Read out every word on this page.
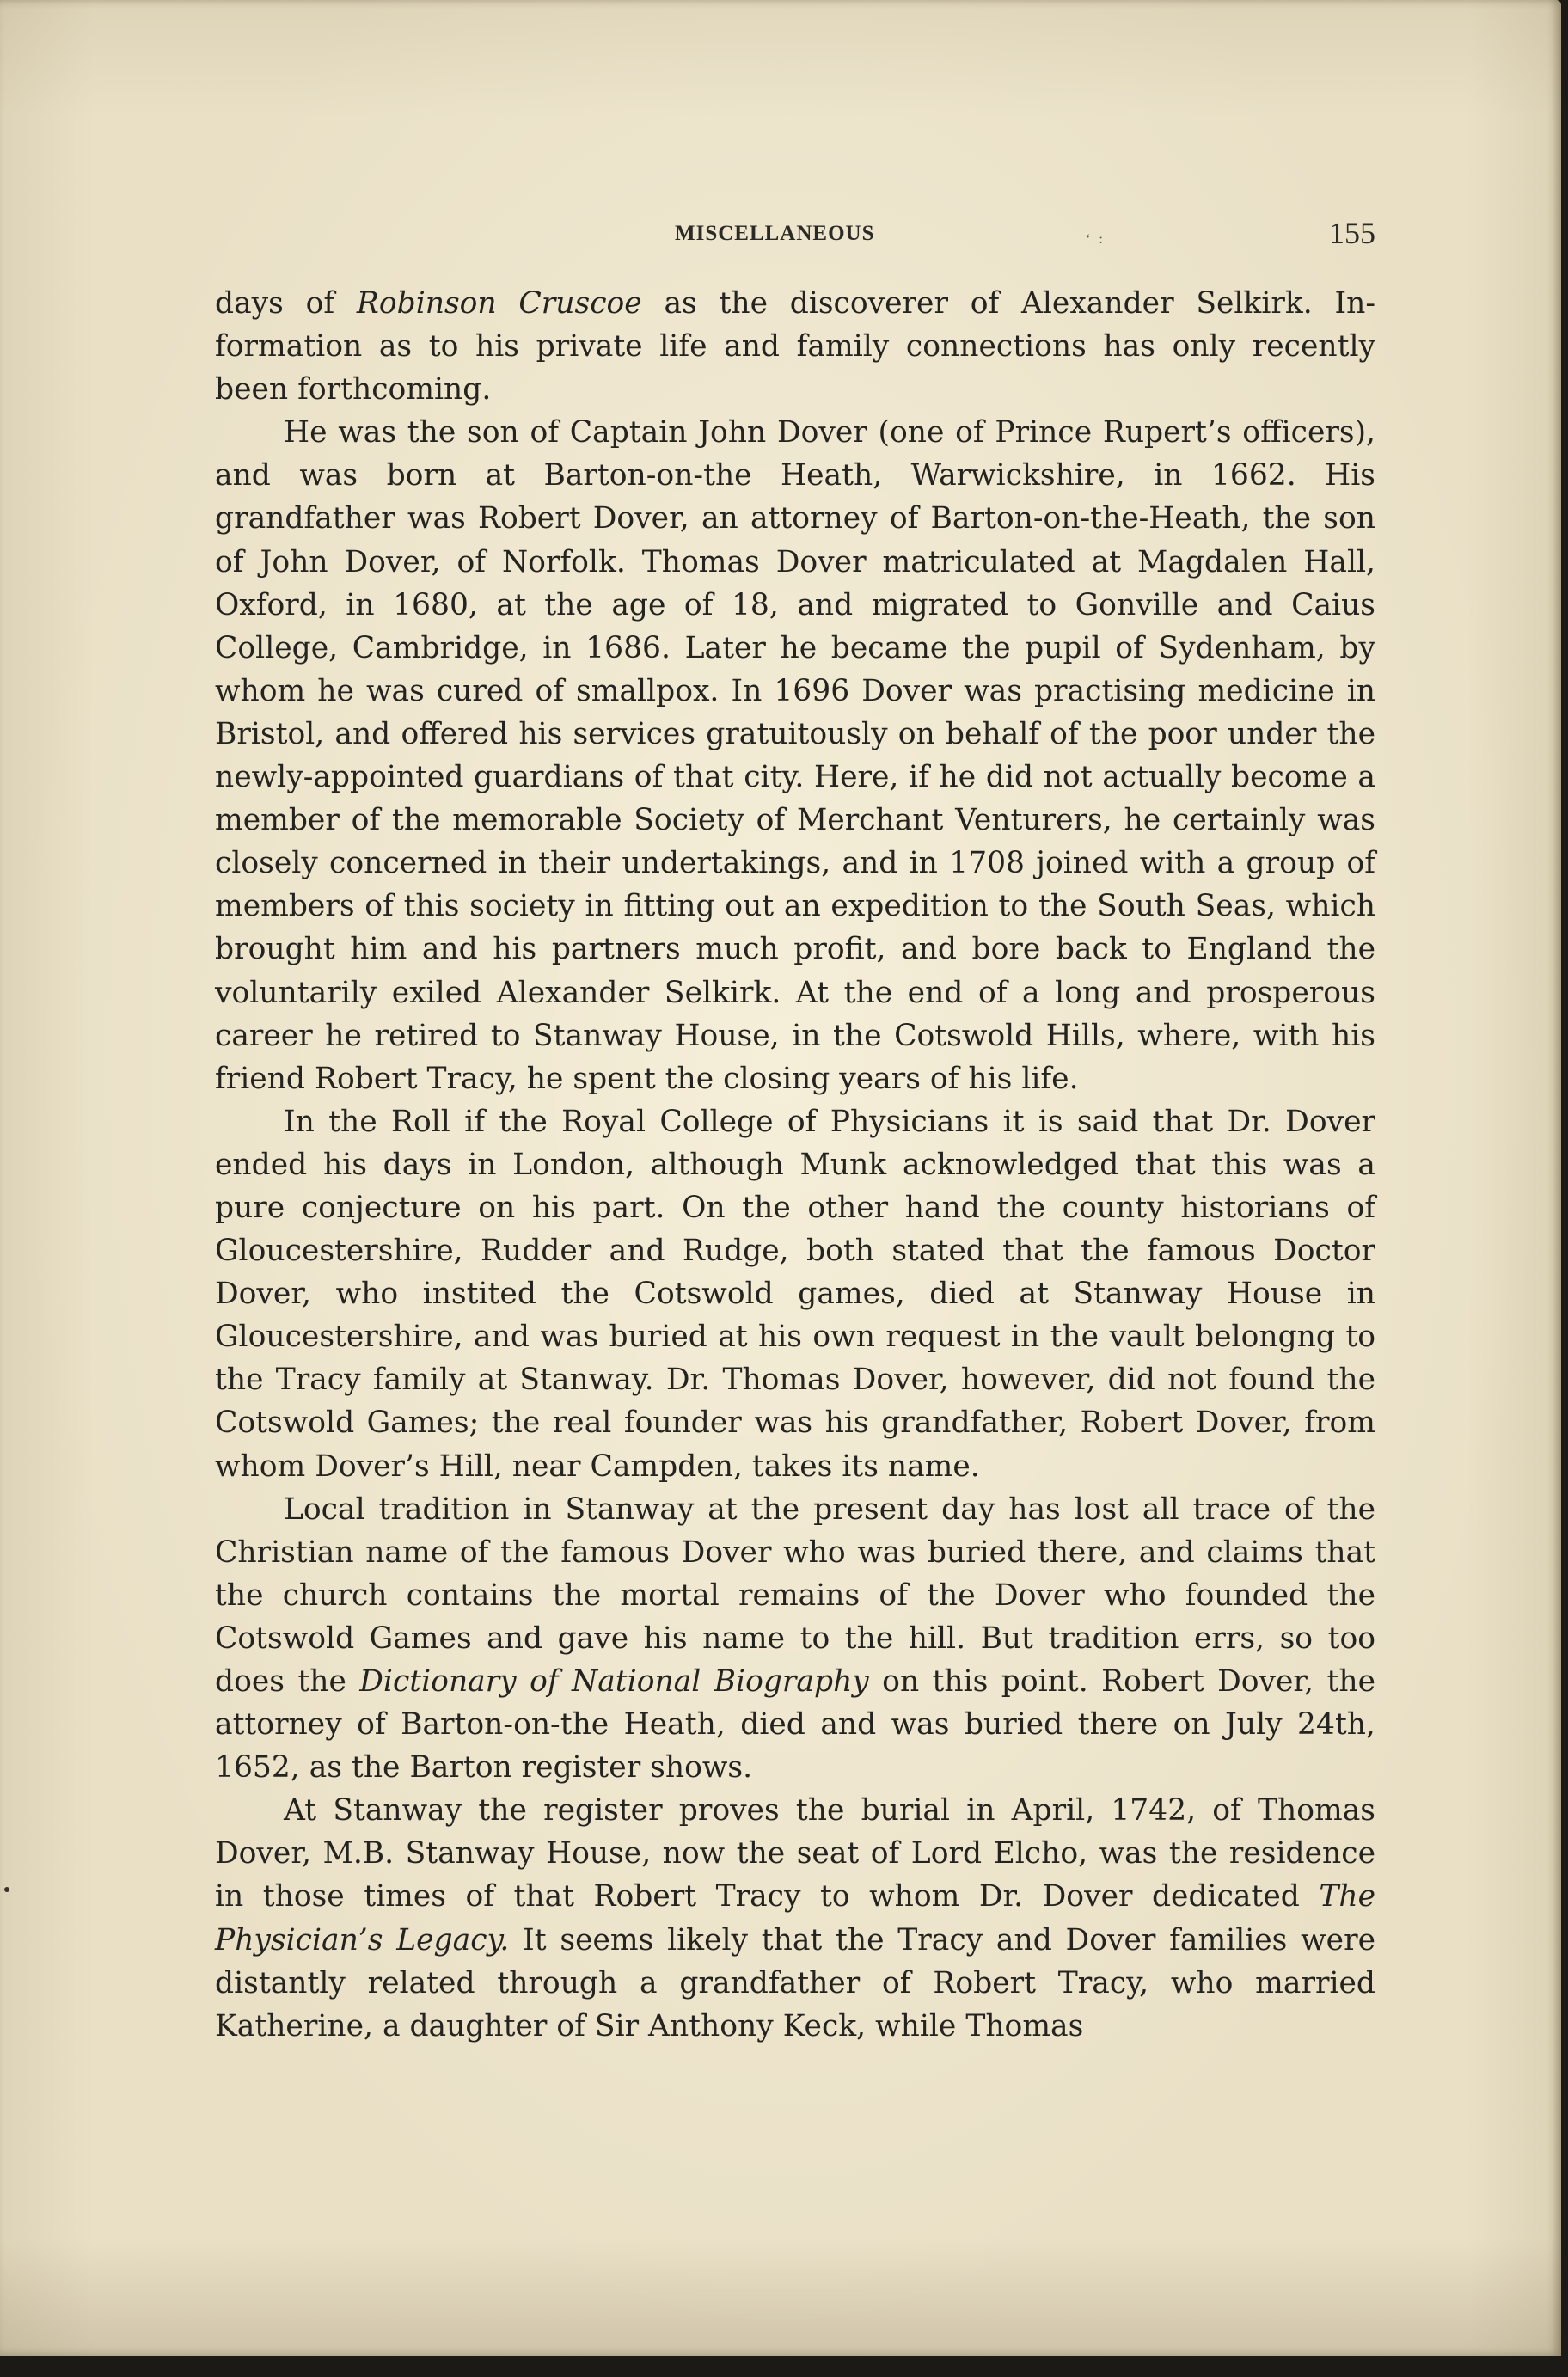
MISCELLANEOUS	155
‘ :

days of Robinson Cruscoe as the discoverer of Alexander Selkirk. Information as to his private life and family connections has only recently been forthcoming.

He was the son of Captain John Dover (one of Prince Rupert’s officers), and was born at Barton-on-the Heath, Warwickshire, in 1662. His grandfather was Robert Dover, an attorney of Barton-on-the-Heath, the son of John Dover, of Norfolk. Thomas Dover matriculated at Magdalen Hall, Oxford, in 1680, at the age of 18, and migrated to Gonville and Caius College, Cambridge, in 1686. Later he became the pupil of Sydenham, by whom he was cured of smallpox. In 1696 Dover was practising medicine in Bristol, and offered his services gratuitously on behalf of the poor under the newly-appointed guardians of that city. Here, if he did not actually become a member of the memorable Society of Merchant Venturers, he certainly was closely concerned in their undertakings, and in 1708 joined with a group of members of this society in fitting out an expedition to the South Seas, which brought him and his partners much profit, and bore back to England the voluntarily exiled Alexander Selkirk. At the end of a long and prosperous career he retired to Stanway House, in the Cotswold Hills, where, with his friend Robert Tracy, he spent the closing years of his life.

In the Roll if the Royal College of Physicians it is said that Dr. Dover ended his days in London, although Munk acknowledged that this was a pure conjecture on his part. On the other hand the county historians of Gloucestershire, Rudder and Rudge, both stated that the famous Doctor Dover, who instited the Cotswold games, died at Stanway House in Gloucestershire, and was buried at his own request in the vault belongng to the Tracy family at Stanway. Dr. Thomas Dover, however, did not found the Cotswold Games; the real founder was his grandfather, Robert Dover, from whom Dover’s Hill, near Campden, takes its name.

Local tradition in Stanway at the present day has lost all trace of the Christian name of the famous Dover who was buried there, and claims that the church contains the mortal remains of the Dover who founded the Cotswold Games and gave his name to the hill. But tradition errs, so too does the Dictionary of National Biography on this point. Robert Dover, the attorney of Barton-on-the Heath, died and was buried there on July 24th, 1652, as the Barton register shows.

At Stanway the register proves the burial in April, 1742, of Thomas Dover, M.B. Stanway House, now the seat of Lord Elcho, was the residence in those times of that Robert Tracy to whom Dr. Dover dedicated The Physician’s Legacy. It seems likely that the Tracy and Dover families were distantly related through a grandfather of Robert Tracy, who married Katherine, a daughter of Sir Anthony Keck, while Thomas
